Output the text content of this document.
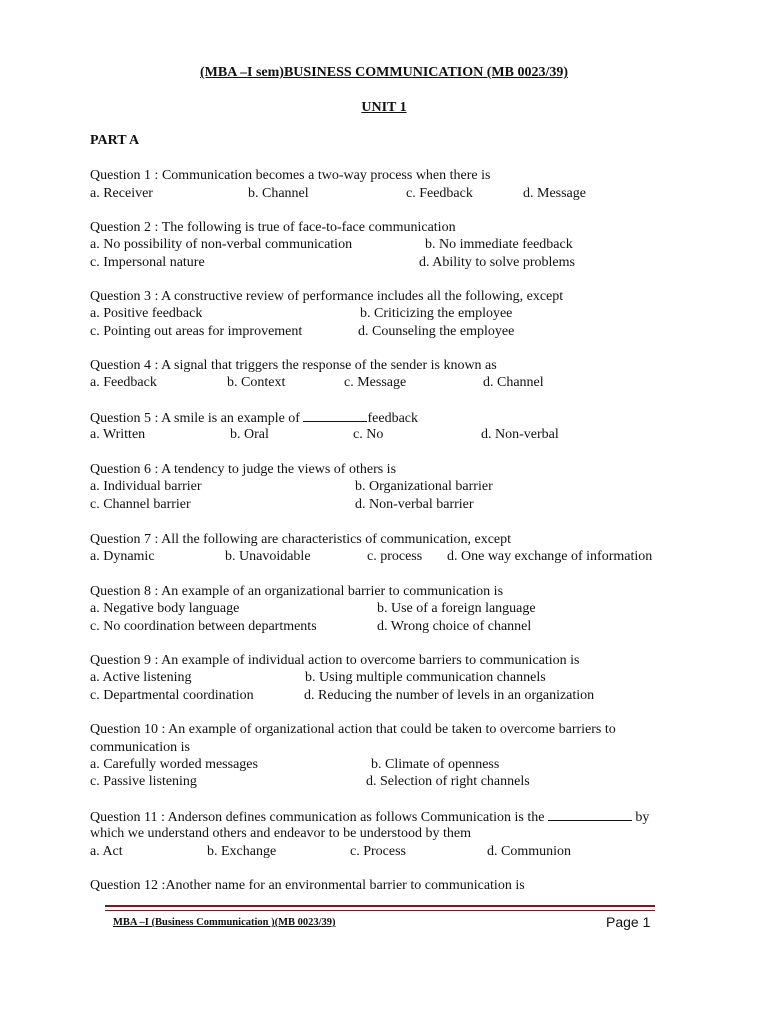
(MBA –I sem)BUSINESS COMMUNICATION (MB 0023/39)
UNIT 1
PART A
Question 1 : Communication becomes a two-way process when there is
a. Receiver	b. Channel	c. Feedback	d. Message
Question 2 : The following is true of face-to-face communication
a. No possibility of non-verbal communication	b. No immediate feedback
c. Impersonal nature	d. Ability to solve problems
Question 3 : A constructive review of performance includes all the following, except
a. Positive feedback	b. Criticizing the employee
c. Pointing out areas for improvement	d. Counseling the employee
Question 4 : A signal that triggers the response of the sender is known as
a. Feedback	b. Context	c. Message	d. Channel
Question 5 : A smile is an example of	feedback
a. Written	b. Oral	c. No	d. Non-verbal
Question 6 : A tendency to judge the views of others is
a. Individual barrier	b. Organizational barrier
c. Channel barrier	d. Non-verbal barrier
Question 7 : All the following are characteristics of communication, except
a. Dynamic	b. Unavoidable	c. process d. One way exchange of information
Question 8 : An example of an organizational barrier to communication is
a. Negative body language	b. Use of a foreign language
c. No coordination between departments	d. Wrong choice of channel
Question 9 : An example of individual action to overcome barriers to communication is
a. Active listening	b. Using multiple communication channels
c. Departmental coordination	d. Reducing the number of levels in an organization
Question 10 : An example of organizational action that could be taken to overcome barriers to
communication is
a. Carefully worded messages	b. Climate of openness
c. Passive listening	d. Selection of right channels
Question 11 : Anderson defines communication as follows Communication is the	by
which we understand others and endeavor to be understood by them
a. Act	b. Exchange	c. Process	d. Communion
Question 12 :Another name for an environmental barrier to communication is
MBA –I (Business Communication )(MB 0023/39)	Page 1
